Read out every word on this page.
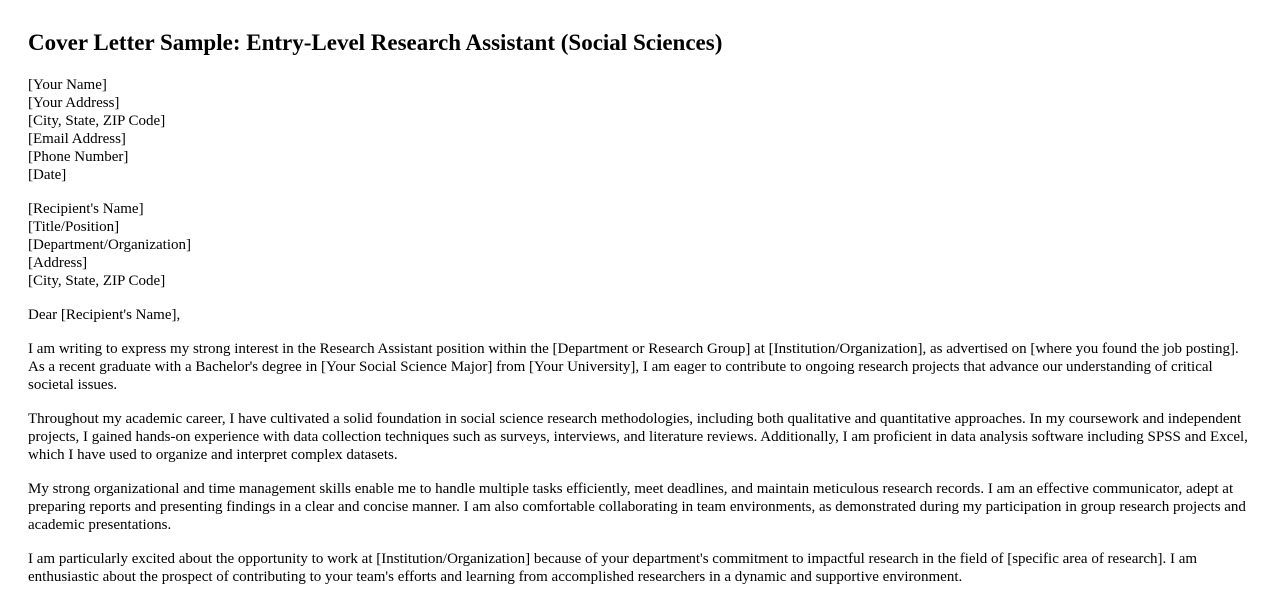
Cover Letter Sample: Entry-Level Research Assistant (Social Sciences)
[Your Name]
[Your Address]
[City, State, ZIP Code]
[Email Address]
[Phone Number]
[Date]
[Recipient's Name]
[Title/Position]
[Department/Organization]
[Address]
[City, State, ZIP Code]

Dear [Recipient's Name],

I am writing to express my strong interest in the Research Assistant position within the [Department or Research Group] at [Institution/Organization], as advertised on [where you found the job posting]. As a recent graduate with a Bachelor's degree in [Your Social Science Major] from [Your University], I am eager to contribute to ongoing research projects that advance our understanding of critical societal issues.

Throughout my academic career, I have cultivated a solid foundation in social science research methodologies, including both qualitative and quantitative approaches. In my coursework and independent projects, I gained hands-on experience with data collection techniques such as surveys, interviews, and literature reviews. Additionally, I am proficient in data analysis software including SPSS and Excel, which I have used to organize and interpret complex datasets.

My strong organizational and time management skills enable me to handle multiple tasks efficiently, meet deadlines, and maintain meticulous research records. I am an effective communicator, adept at preparing reports and presenting findings in a clear and concise manner. I am also comfortable collaborating in team environments, as demonstrated during my participation in group research projects and academic presentations.

I am particularly excited about the opportunity to work at [Institution/Organization] because of your department's commitment to impactful research in the field of [specific area of research]. I am enthusiastic about the prospect of contributing to your team's efforts and learning from accomplished researchers in a dynamic and supportive environment.
